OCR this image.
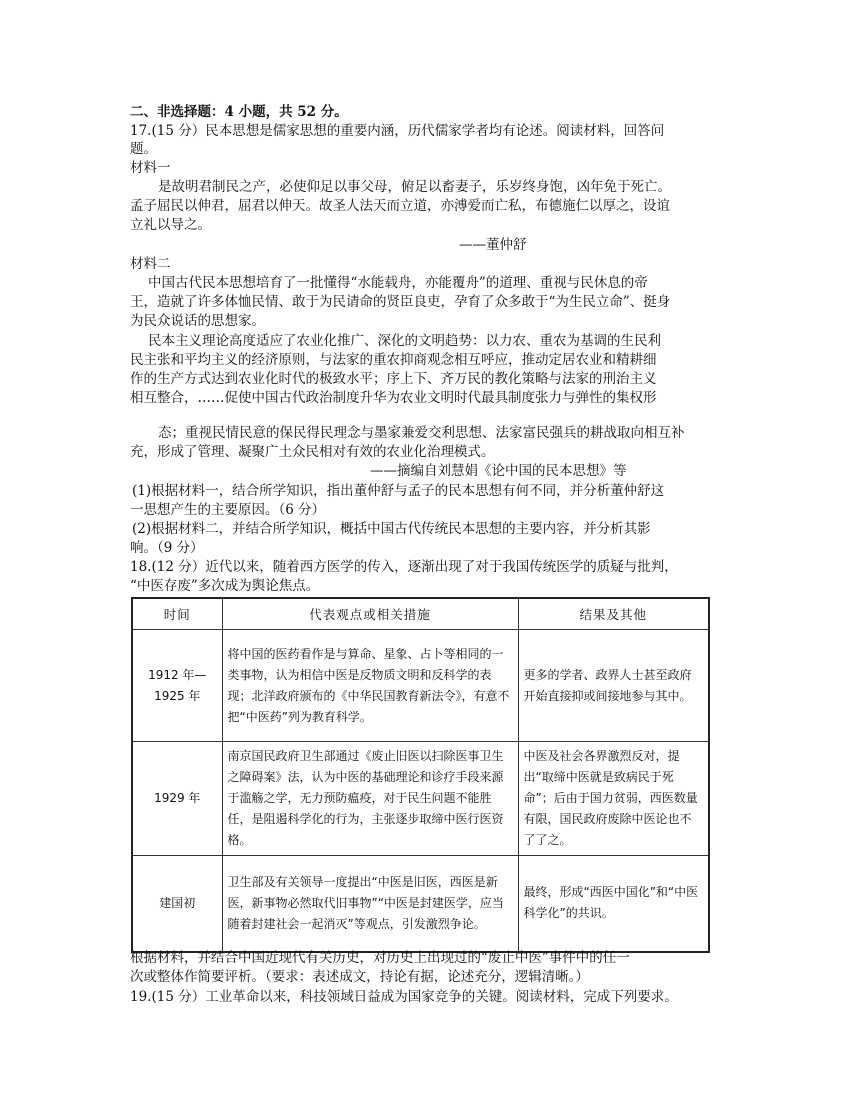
二、非选择题：4 小题，共 52 分。
17.(15 分）民本思想是儒家思想的重要内涵，历代儒家学者均有论述。阅读材料，回答问
题。
材料一
是故明君制民之产，必使仰足以事父母，俯足以畜妻子，乐岁终身饱，凶年免于死亡。
孟子屈民以伸君，屈君以伸天。故圣人法天而立道，亦溥爱而亡私，布德施仁以厚之，设谊
立礼以导之。
——董仲舒
材料二
中国古代民本思想培育了一批懂得“水能载舟，亦能覆舟”的道理、重视与民休息的帝
王，造就了许多体恤民情、敢于为民请命的贤臣良吏，孕育了众多敢于“为生民立命”、挺身
为民众说话的思想家。
民本主义理论高度适应了农业化推广、深化的文明趋势：以力农、重农为基调的生民利
民主张和平均主义的经济原则，与法家的重农抑商观念相互呼应，推动定居农业和精耕细
作的生产方式达到农业化时代的极致水平；序上下、齐万民的教化策略与法家的刑治主义
相互整合，……促使中国古代政治制度升华为农业文明时代最具制度张力与弹性的集权形
态；重视民情民意的保民得民理念与墨家兼爱交利思想、法家富民强兵的耕战取向相互补
充，形成了管理、凝聚广土众民相对有效的农业化治理模式。
——摘编自刘慧娟《论中国的民本思想》等
(1)根据材料一，结合所学知识，指出董仲舒与孟子的民本思想有何不同，并分析董仲舒这
一思想产生的主要原因。（6 分）
(2)根据材料二，并结合所学知识，概括中国古代传统民本思想的主要内容，并分析其影
响。（9 分）
18.(12 分）近代以来，随着西方医学的传入，逐渐出现了对于我国传统医学的质疑与批判，
“中医存废”多次成为舆论焦点。
时间	代表观点或相关措施	结果及其他
1912 年—
1925 年	将中国的医药看作是与算命、星象、占卜等相同的一类事物，认为相信中医是反物质文明和反科学的表现；北洋政府颁布的《中华民国教育新法令》，有意不把“中医药”列为教育科学。	更多的学者、政界人士甚至政府开始直接抑或间接地参与其中。
1929 年	南京国民政府卫生部通过《废止旧医以扫除医事卫生之障碍案》法，认为中医的基础理论和诊疗手段来源于滥觞之学，无力预防瘟疫，对于民生问题不能胜任，是阻遏科学化的行为，主张逐步取缔中医行医资格。	中医及社会各界激烈反对，提出“取缔中医就是致病民于死命”；后由于国力贫弱，西医数量有限，国民政府废除中医论也不了了之。
建国初	卫生部及有关领导一度提出“中医是旧医，西医是新医，新事物必然取代旧事物”“中医是封建医学，应当随着封建社会一起消灭”等观点，引发激烈争论。	最终，形成“西医中国化”和“中医科学化”的共识。
根据材料，并结合中国近现代有关历史，对历史上出现过的“废止中医”事件中的任一
次或整体作简要评析。（要求：表述成文，持论有据，论述充分，逻辑清晰。）
19.(15 分）工业革命以来，科技领域日益成为国家竞争的关键。阅读材料，完成下列要求。
